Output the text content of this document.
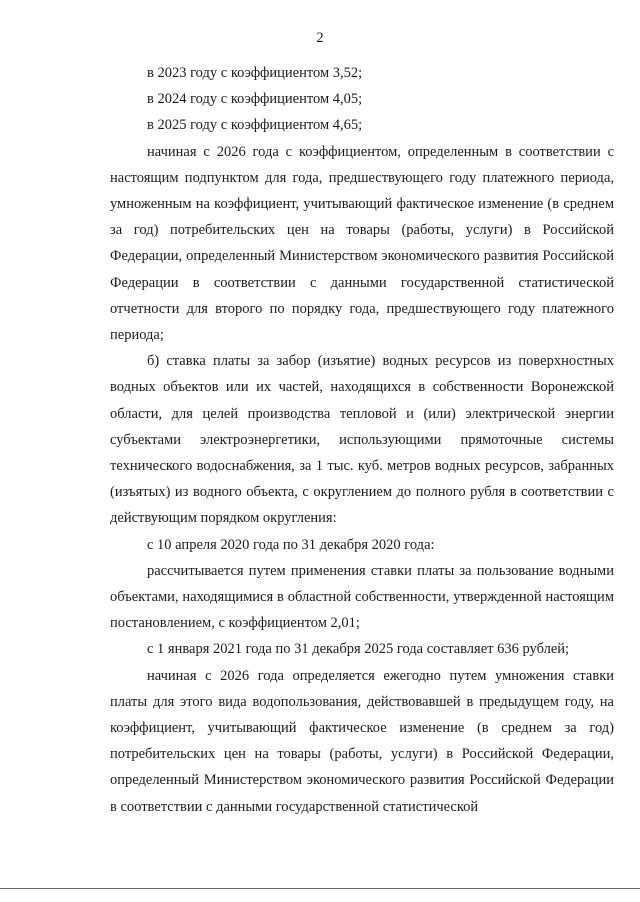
2

в 2023 году с коэффициентом 3,52;

в 2024 году с коэффициентом 4,05;

в 2025 году с коэффициентом 4,65;

начиная с 2026 года с коэффициентом, определенным в соответствии с настоящим подпунктом для года, предшествующего году платежного периода, умноженным на коэффициент, учитывающий фактическое изменение (в среднем за год) потребительских цен на товары (работы, услуги) в Российской Федерации, определенный Министерством экономического развития Российской Федерации в соответствии с данными государственной статистической отчетности для второго по порядку года, предшествующего году платежного периода;

б) ставка платы за забор (изъятие) водных ресурсов из поверхностных водных объектов или их частей, находящихся в собственности Воронежской области, для целей производства тепловой и (или) электрической энергии субъектами электроэнергетики, использующими прямоточные системы технического водоснабжения, за 1 тыс. куб. метров водных ресурсов, забранных (изъятых) из водного объекта, с округлением до полного рубля в соответствии с действующим порядком округления:

с 10 апреля 2020 года по 31 декабря 2020 года:

рассчитывается путем применения ставки платы за пользование водными объектами, находящимися в областной собственности, утвержденной настоящим постановлением, с коэффициентом 2,01;

с 1 января 2021 года по 31 декабря 2025 года составляет 636 рублей;

начиная с 2026 года определяется ежегодно путем умножения ставки платы для этого вида водопользования, действовавшей в предыдущем году, на коэффициент, учитывающий фактическое изменение (в среднем за год) потребительских цен на товары (работы, услуги) в Российской Федерации, определенный Министерством экономического развития Российской Федерации в соответствии с данными государственной статистической
